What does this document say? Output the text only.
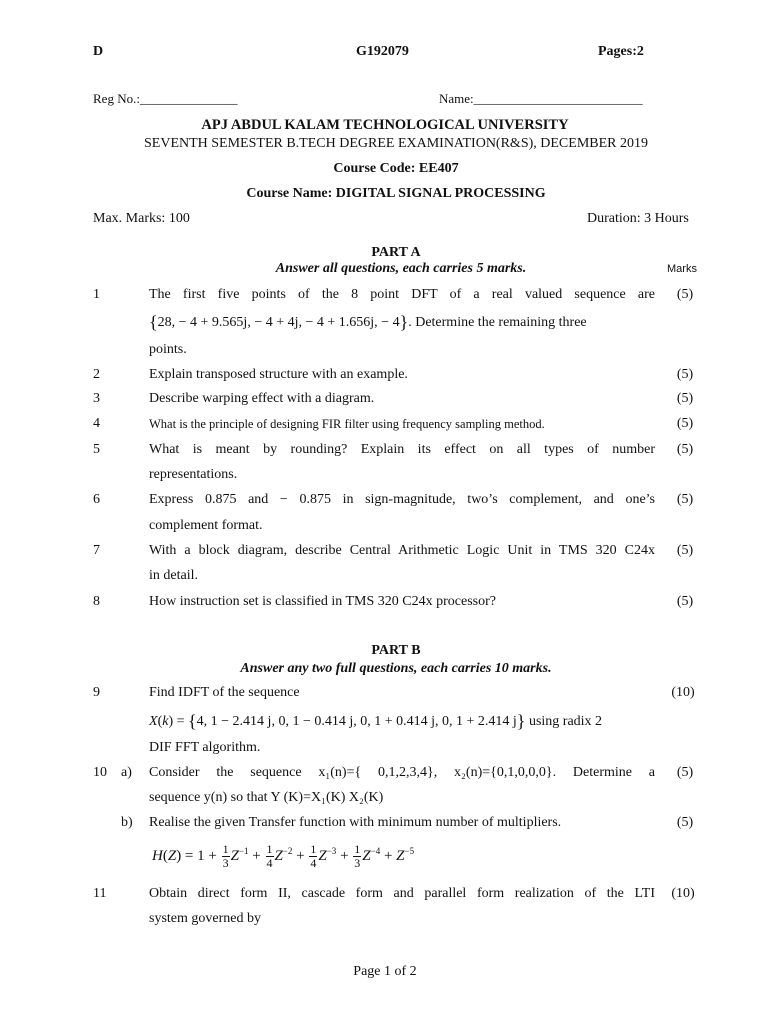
D	G192079	Pages:2
Reg No.:_______________	Name:__________________________
APJ ABDUL KALAM TECHNOLOGICAL UNIVERSITY
SEVENTH SEMESTER B.TECH DEGREE EXAMINATION(R&S), DECEMBER 2019
Course Code: EE407
Course Name: DIGITAL SIGNAL PROCESSING
Max. Marks: 100	Duration: 3 Hours
PART A
Answer all questions, each carries 5 marks.	Marks
1	The first five points of the 8 point DFT of a real valued sequence are	(5)
{28, − 4 + 9.565j, − 4 + 4j, − 4 + 1.656j, − 4}. Determine the remaining three
points.
2	Explain transposed structure with an example.	(5)
3	Describe warping effect with a diagram.	(5)
4	What is the principle of designing FIR filter using frequency sampling method.	(5)
5	What is meant by rounding? Explain its effect on all types of number	(5)
representations.
6	Express 0.875 and − 0.875 in sign-magnitude, two’s complement, and one’s	(5)
complement format.
7	With a block diagram, describe Central Arithmetic Logic Unit in TMS 320 C24x	(5)
in detail.
8	How instruction set is classified in TMS 320 C24x processor?	(5)
PART B
Answer any two full questions, each carries 10 marks.
9	Find IDFT of the sequence	(10)
X(k) = {4, 1 − 2.414 j, 0, 1 − 0.414 j, 0, 1 + 0.414 j, 0, 1 + 2.414 j} using radix 2
DIF FFT algorithm.
10	a) Consider the sequence x₁(n)={ 0,1,2,3,4}, x₂(n)={0,1,0,0,0}. Determine a	(5)
sequence y(n) so that Y (K)=X₁(K) X₂(K)
b) Realise the given Transfer function with minimum number of multipliers.	(5)
$H(Z) = 1 + \frac{1}{3} Z^{-1} + \frac{1}{4} Z^{-2} + \frac{1}{4} Z^{-3} + \frac{1}{3} Z^{-4} + Z^{-5}$
11	Obtain direct form II, cascade form and parallel form realization of the LTI	(10)
system governed by
Page 1 of 2
